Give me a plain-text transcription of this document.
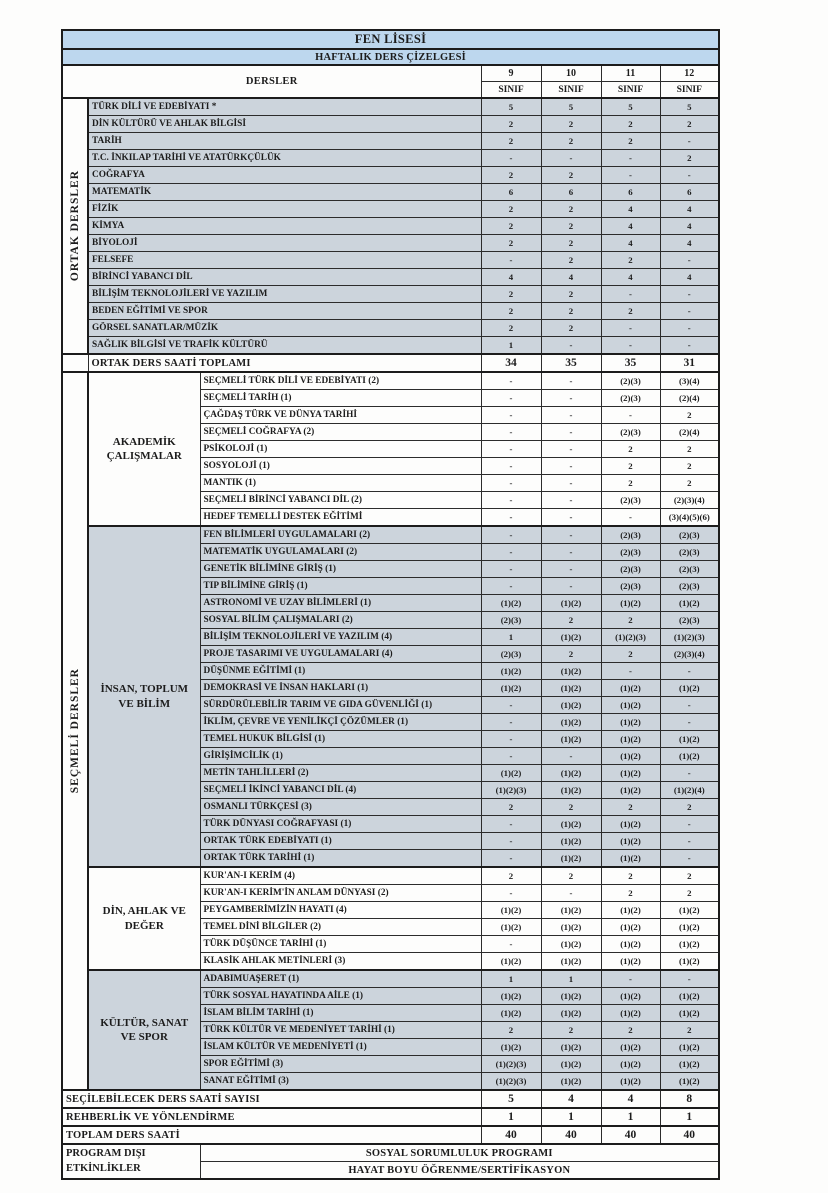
FEN LİSESİ						
HAFTALIK DERS ÇİZELGESİ						
DERSLER			9	10	11	12
			SINIF	SINIF	SINIF	SINIF

ORTAK DERSLER	TÜRK DİLİ VE EDEBİYATI *		5	5	5	5
	DİN KÜLTÜRÜ VE AHLAK BİLGİSİ		2	2	2	2
	TARİH		2	2	2	-
	T.C. İNKILAP TARİHİ VE ATATÜRKÇÜLÜK		-	-	-	2
	COĞRAFYA		2	2	-	-
	MATEMATİK		6	6	6	6
	FİZİK		2	2	4	4
	KİMYA		2	2	4	4
	BİYOLOJİ		2	2	4	4
	FELSEFE		-	2	2	-
	BİRİNCİ YABANCI DİL		4	4	4	4
	BİLİŞİM TEKNOLOJİLERİ VE YAZILIM		2	2	-	-
	BEDEN EĞİTİMİ VE SPOR		2	2	2	-
	GÖRSEL SANATLAR/MÜZİK		2	2	-	-
	SAĞLIK BİLGİSİ VE TRAFİK KÜLTÜRÜ		1	-	-	-
	ORTAK DERS SAATİ TOPLAMI		34	35	35	31

SEÇMELİ DERSLER	AKADEMİK ÇALIŞMALAR	SEÇMELİ TÜRK DİLİ VE EDEBİYATI (2)	-	-	(2)(3)	(3)(4)
		SEÇMELİ TARİH (1)	-	-	(2)(3)	(2)(4)
		ÇAĞDAŞ TÜRK VE DÜNYA TARİHİ	-	-	-	2
		SEÇMELİ COĞRAFYA (2)	-	-	(2)(3)	(2)(4)
		PSİKOLOJİ (1)	-	-	2	2
		SOSYOLOJİ (1)	-	-	2	2
		MANTIK (1)	-	-	2	2
		SEÇMELİ BİRİNCİ YABANCI DİL (2)	-	-	(2)(3)	(2)(3)(4)
		HEDEF TEMELLİ DESTEK EĞİTİMİ	-	-	-	(3)(4)(5)(6)

	İNSAN, TOPLUM VE BİLİM	FEN BİLİMLERİ UYGULAMALARI (2)	-	-	(2)(3)	(2)(3)
		MATEMATİK UYGULAMALARI (2)	-	-	(2)(3)	(2)(3)
		GENETİK BİLİMİNE GİRİŞ (1)	-	-	(2)(3)	(2)(3)
		TIP BİLİMİNE GİRİŞ (1)	-	-	(2)(3)	(2)(3)
		ASTRONOMİ VE UZAY BİLİMLERİ (1)	(1)(2)	(1)(2)	(1)(2)	(1)(2)
		SOSYAL BİLİM ÇALIŞMALARI (2)	(2)(3)	2	2	(2)(3)
		BİLİŞİM TEKNOLOJİLERİ VE YAZILIM (4)	1	(1)(2)	(1)(2)(3)	(1)(2)(3)
		PROJE TASARIMI VE UYGULAMALARI (4)	(2)(3)	2	2	(2)(3)(4)
		DÜŞÜNME EĞİTİMİ (1)	(1)(2)	(1)(2)	-	-
		DEMOKRASİ VE İNSAN HAKLARI (1)	(1)(2)	(1)(2)	(1)(2)	(1)(2)
		SÜRDÜRÜLEBİLİR TARIM VE GIDA GÜVENLİĞİ (1)	-	(1)(2)	(1)(2)	-
		İKLİM, ÇEVRE VE YENİLİKÇİ ÇÖZÜMLER (1)	-	(1)(2)	(1)(2)	-
		TEMEL HUKUK BİLGİSİ (1)	-	(1)(2)	(1)(2)	(1)(2)
		GİRİŞİMCİLİK (1)	-	-	(1)(2)	(1)(2)
		METİN TAHLİLLERİ (2)	(1)(2)	(1)(2)	(1)(2)	-
		SEÇMELİ İKİNCİ YABANCI DİL (4)	(1)(2)(3)	(1)(2)	(1)(2)	(1)(2)(4)
		OSMANLI TÜRKÇESİ (3)	2	2	2	2
		TÜRK DÜNYASI COĞRAFYASI (1)	-	(1)(2)	(1)(2)	-
		ORTAK TÜRK EDEBİYATI (1)	-	(1)(2)	(1)(2)	-
		ORTAK TÜRK TARİHİ (1)	-	(1)(2)	(1)(2)	-

	DİN, AHLAK VE DEĞER	KUR'AN-I KERİM (4)	2	2	2	2
		KUR'AN-I KERİM'İN ANLAM DÜNYASI (2)	-	-	2	2
		PEYGAMBERİMİZİN HAYATI (4)	(1)(2)	(1)(2)	(1)(2)	(1)(2)
		TEMEL DİNİ BİLGİLER (2)	(1)(2)	(1)(2)	(1)(2)	(1)(2)
		TÜRK DÜŞÜNCE TARİHİ (1)	-	(1)(2)	(1)(2)	(1)(2)
		KLASİK AHLAK METİNLERİ (3)	(1)(2)	(1)(2)	(1)(2)	(1)(2)

	KÜLTÜR, SANAT VE SPOR	ADABIMUAŞERET (1)	1	1	-	-
		TÜRK SOSYAL HAYATINDA AİLE (1)	(1)(2)	(1)(2)	(1)(2)	(1)(2)
		İSLAM BİLİM TARİHİ (1)	(1)(2)	(1)(2)	(1)(2)	(1)(2)
		TÜRK KÜLTÜR VE MEDENİYET TARİHİ (1)	2	2	2	2
		İSLAM KÜLTÜR VE MEDENİYETİ (1)	(1)(2)	(1)(2)	(1)(2)	(1)(2)
		SPOR EĞİTİMİ (3)	(1)(2)(3)	(1)(2)	(1)(2)	(1)(2)
		SANAT EĞİTİMİ (3)	(1)(2)(3)	(1)(2)	(1)(2)	(1)(2)
SEÇİLEBİLECEK DERS SAATİ SAYISI			5	4	4	8
REHBERLİK VE YÖNLENDİRME			1	1	1	1
TOPLAM DERS SAATİ			40	40	40	40

PROGRAM DIŞI
ETKİNLİKLER		SOSYAL SORUMLULUK PROGRAMI				
		HAYAT BOYU ÖĞRENME/SERTİFİKASYON				
